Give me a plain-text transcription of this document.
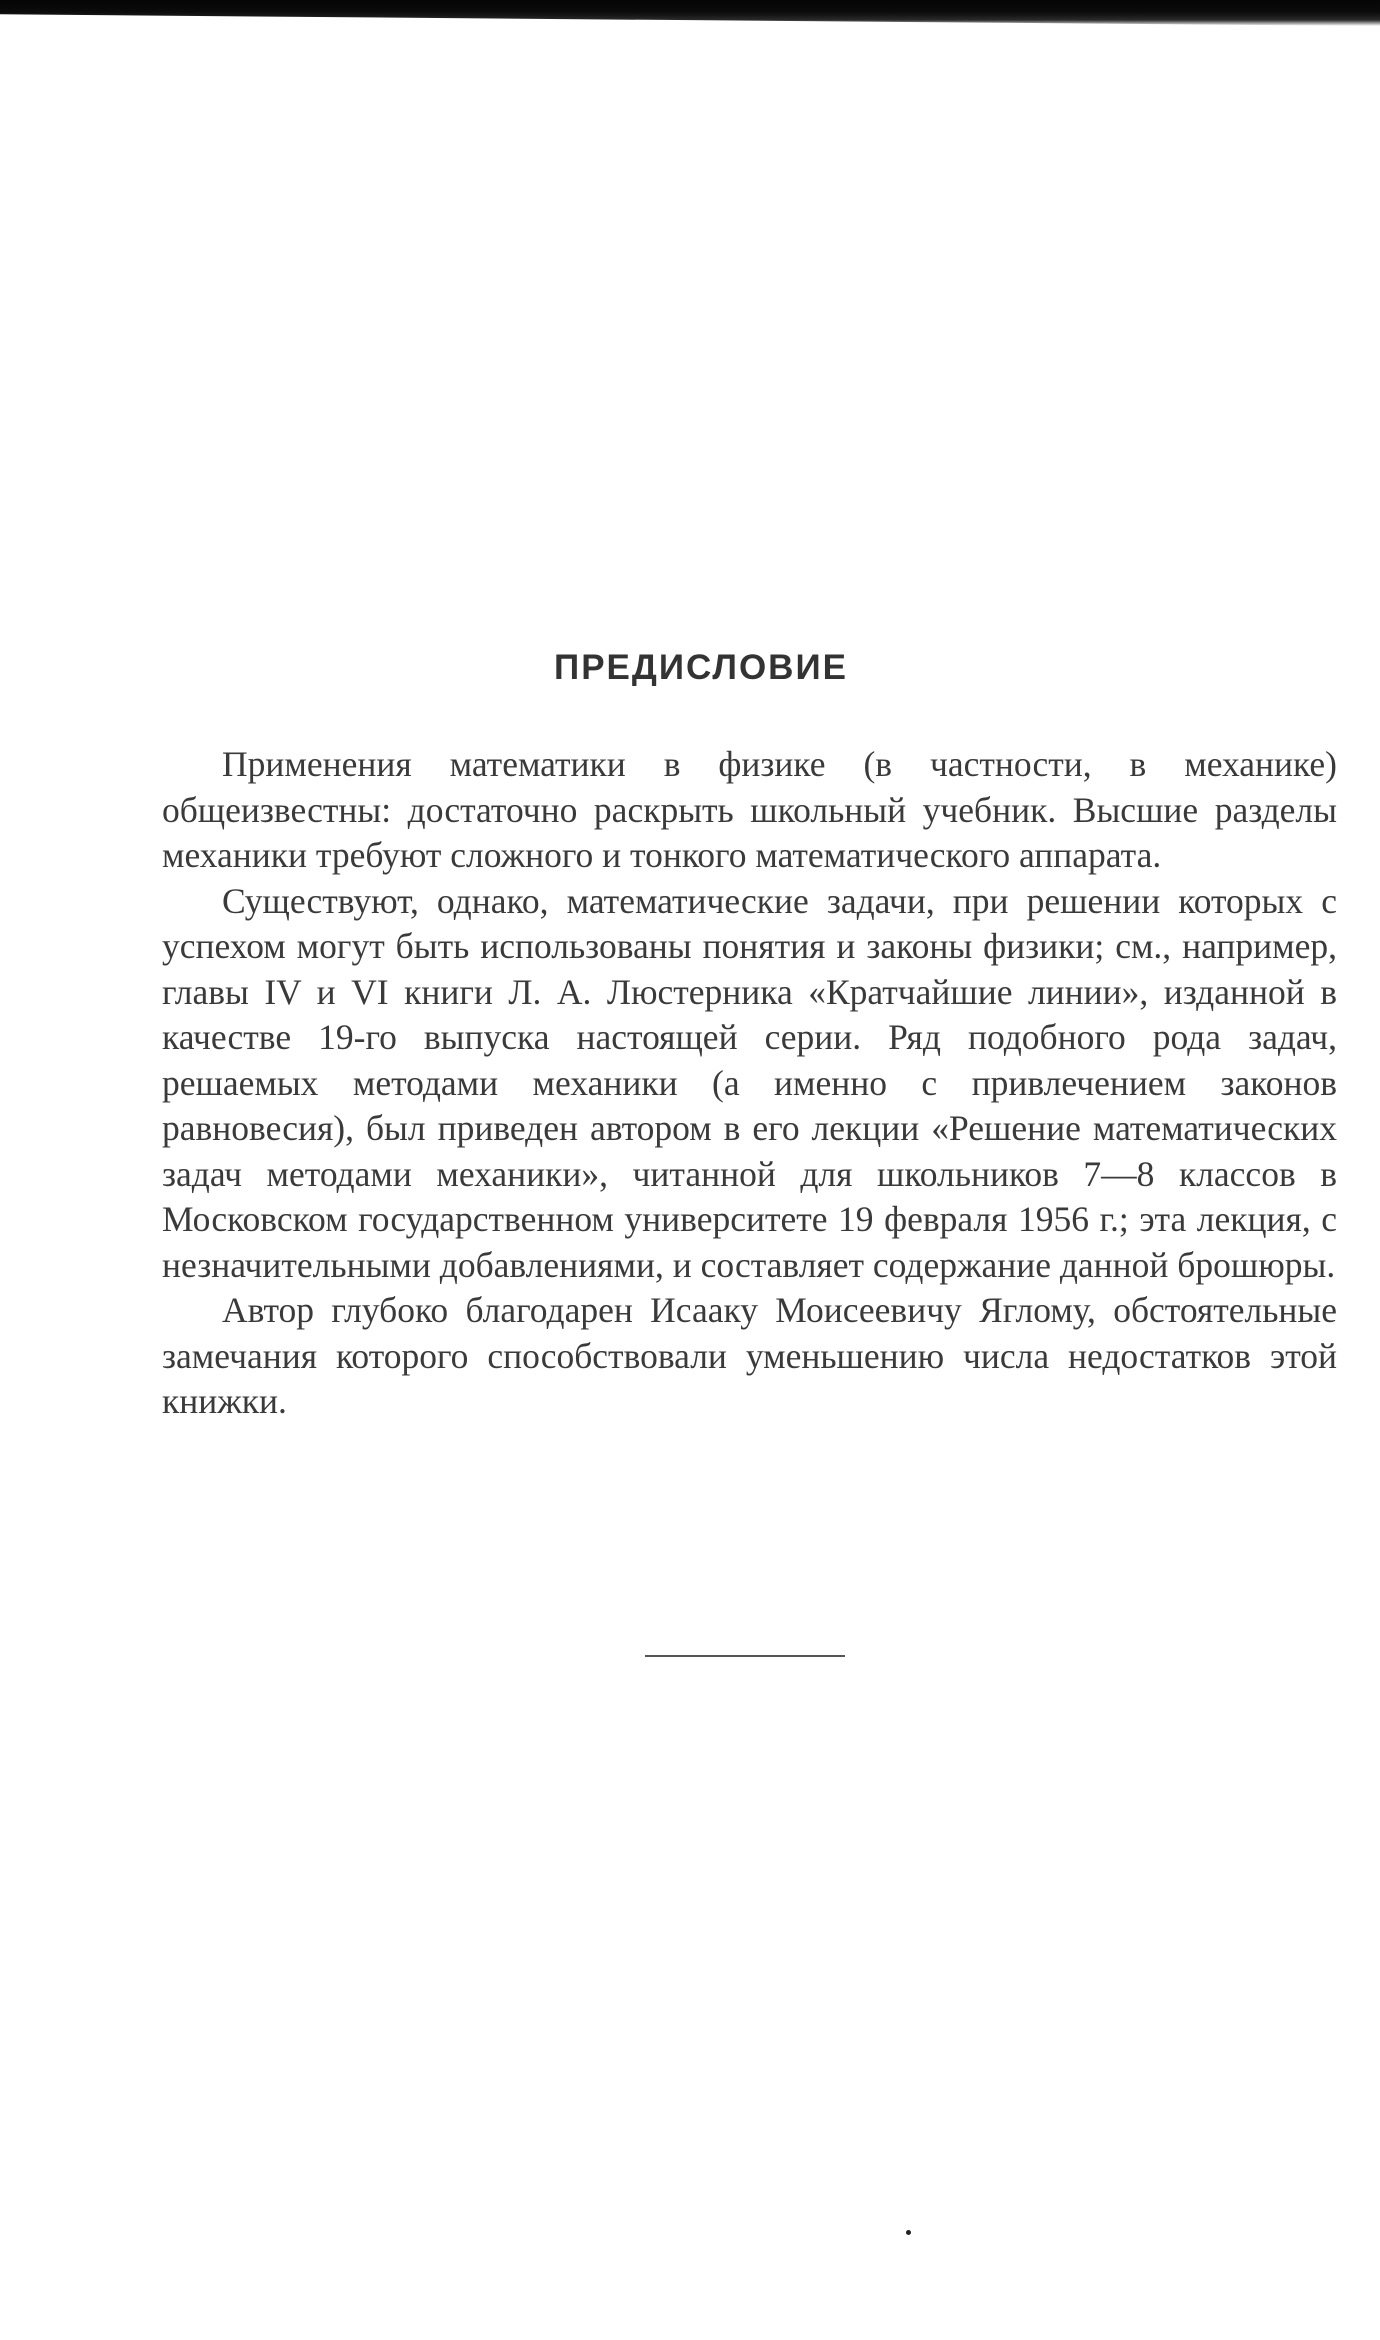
ПРЕДИСЛОВИЕ

Применения математики в физике (в частности, в механике) общеизвестны: достаточно раскрыть школьный учебник. Высшие разделы механики требуют сложного и тонкого математического аппарата.

Существуют, однако, математические задачи, при решении которых с успехом могут быть использованы понятия и законы физики; см., например, главы IV и VI книги Л. А. Люстерника «Кратчайшие линии», изданной в качестве 19-го выпуска настоящей серии. Ряд подобного рода задач, решаемых методами механики (а именно с привлечением законов равновесия), был приведен автором в его лекции «Решение математических задач методами механики», читанной для школьников 7—8 классов в Московском государственном университете 19 февраля 1956 г.; эта лекция, с незначительными добавлениями, и составляет содержание данной брошюры.

Автор глубоко благодарен Исааку Моисеевичу Яглому, обстоятельные замечания которого способствовали уменьшению числа недостатков этой книжки.
